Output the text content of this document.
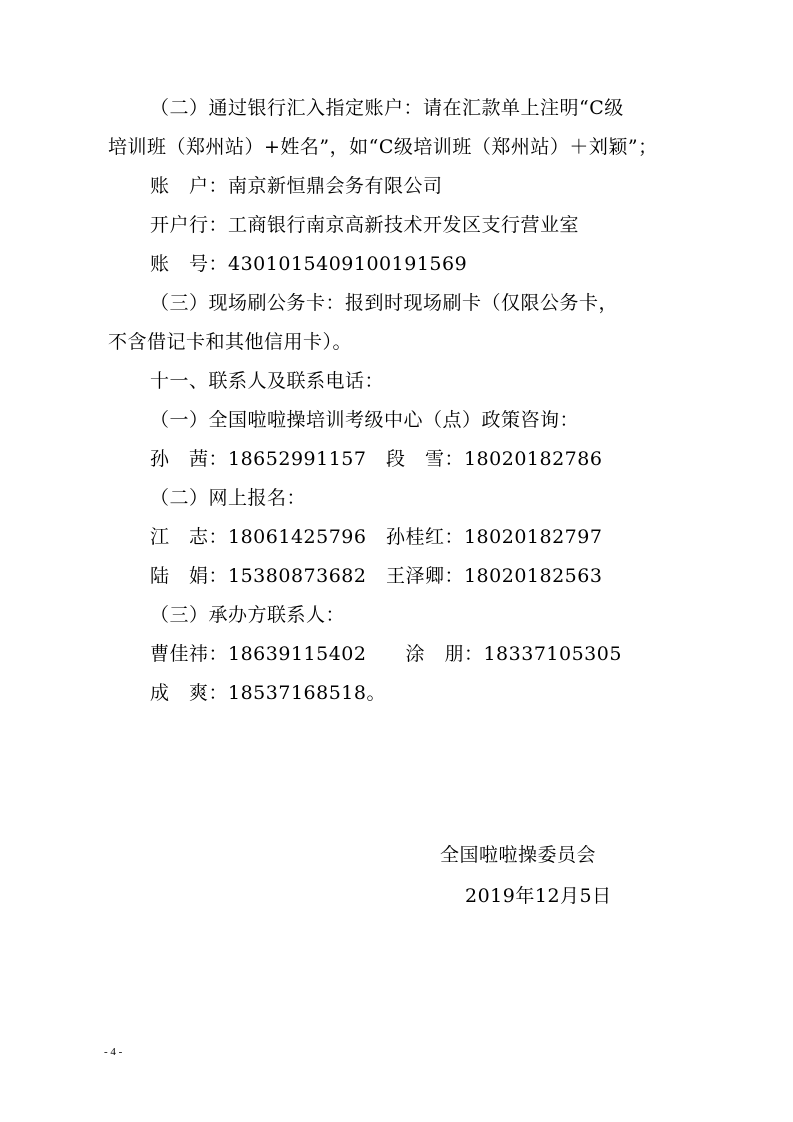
（二）通过银行汇入指定账户：请在汇款单上注明“C级
培训班（郑州站）+姓名”，如“C级培训班（郑州站）＋刘颖”；
账　户：南京新恒鼎会务有限公司
开户行：工商银行南京高新技术开发区支行营业室
账　号：4301015409100191569
（三）现场刷公务卡：报到时现场刷卡（仅限公务卡，
不含借记卡和其他信用卡）。
十一、联系人及联系电话：
（一）全国啦啦操培训考级中心（点）政策咨询：
孙　茜：18652991157　段　雪：18020182786
（二）网上报名：
江　志：18061425796　孙桂红：18020182797
陆　娟：15380873682　王泽卿：18020182563
（三）承办方联系人：
曹佳祎：18639115402　　涂　朋：18337105305
成　爽：18537168518。
全国啦啦操委员会
2019年12月5日
- 4 -
